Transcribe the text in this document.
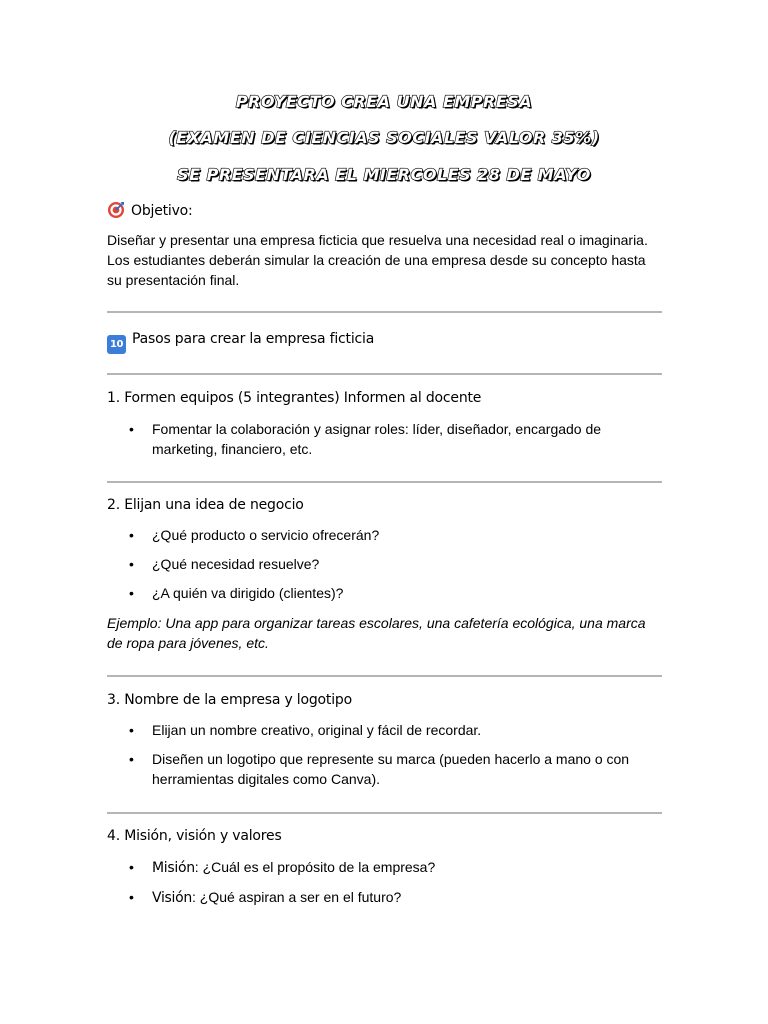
PROYECTO CREA UNA EMPRESA
(EXAMEN DE CIENCIAS SOCIALES VALOR 35%)
SE PRESENTARA EL MIERCOLES 28 DE MAYO
Objetivo:
Diseñar y presentar una empresa ficticia que resuelva una necesidad real o imaginaria. Los estudiantes deberán simular la creación de una empresa desde su concepto hasta su presentación final.
10 Pasos para crear la empresa ficticia
1. Formen equipos (5 integrantes) Informen al docente
• Fomentar la colaboración y asignar roles: líder, diseñador, encargado de marketing, financiero, etc.
2. Elijan una idea de negocio
• ¿Qué producto o servicio ofrecerán?
• ¿Qué necesidad resuelve?
• ¿A quién va dirigido (clientes)?
Ejemplo: Una app para organizar tareas escolares, una cafetería ecológica, una marca de ropa para jóvenes, etc.
3. Nombre de la empresa y logotipo
• Elijan un nombre creativo, original y fácil de recordar.
• Diseñen un logotipo que represente su marca (pueden hacerlo a mano o con herramientas digitales como Canva).
4. Misión, visión y valores
• Misión: ¿Cuál es el propósito de la empresa?
• Visión: ¿Qué aspiran a ser en el futuro?
